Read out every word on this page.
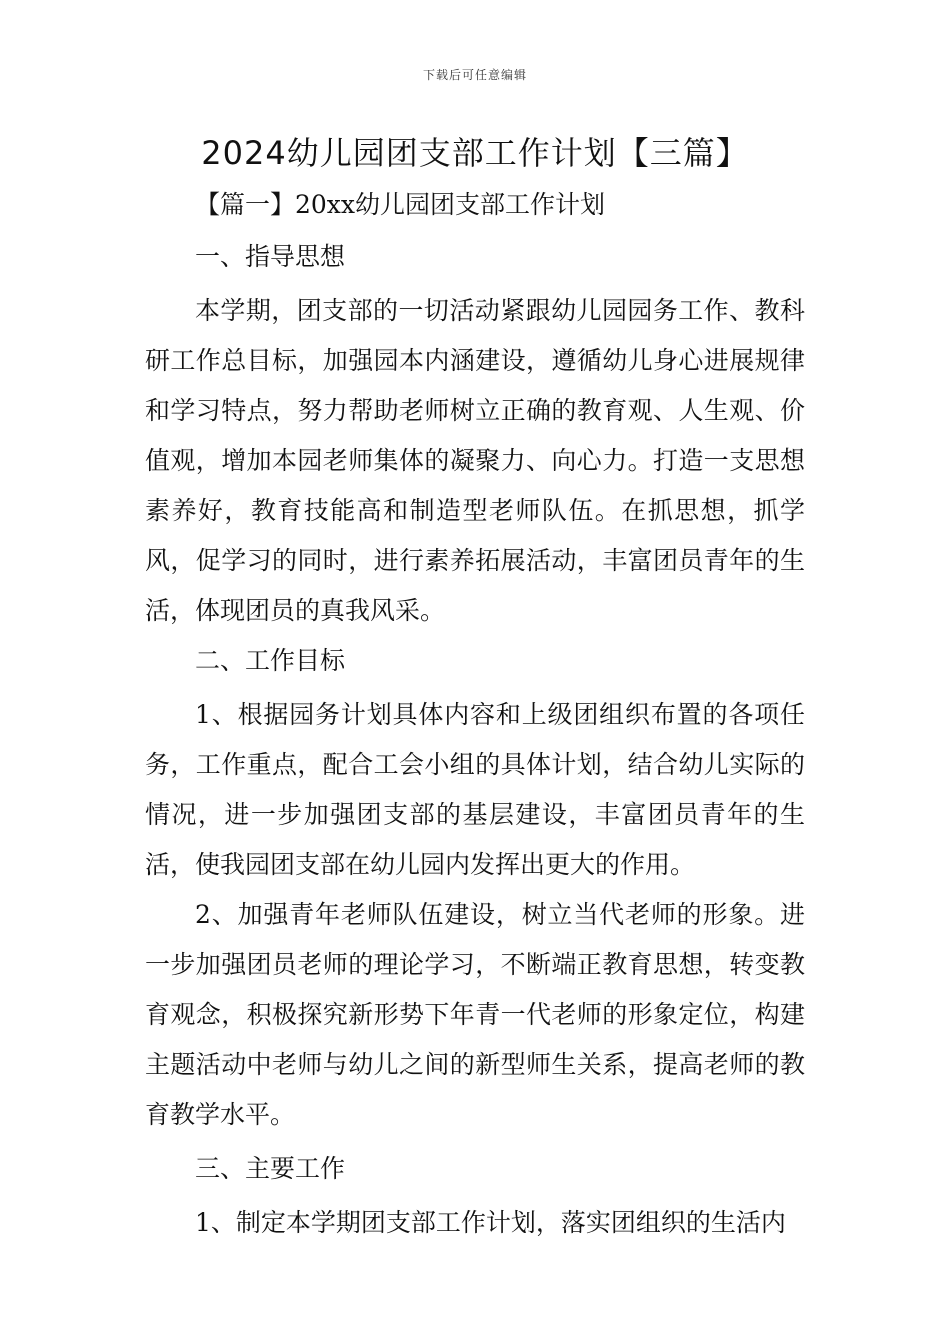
下载后可任意编辑
2024幼儿园团支部工作计划【三篇】

【篇一】20xx幼儿园团支部工作计划

一、指导思想

本学期，团支部的一切活动紧跟幼儿园园务工作、教科研工作总目标，加强园本内涵建设，遵循幼儿身心进展规律和学习特点，努力帮助老师树立正确的教育观、人生观、价值观，增加本园老师集体的凝聚力、向心力。打造一支思想素养好，教育技能高和制造型老师队伍。在抓思想，抓学风，促学习的同时，进行素养拓展活动，丰富团员青年的生活，体现团员的真我风采。

二、工作目标

1、根据园务计划具体内容和上级团组织布置的各项任务，工作重点，配合工会小组的具体计划，结合幼儿实际的情况，进一步加强团支部的基层建设，丰富团员青年的生活，使我园团支部在幼儿园内发挥出更大的作用。

2、加强青年老师队伍建设，树立当代老师的形象。进一步加强团员老师的理论学习，不断端正教育思想，转变教育观念，积极探究新形势下年青一代老师的形象定位，构建主题活动中老师与幼儿之间的新型师生关系，提高老师的教育教学水平。

三、主要工作

1、制定本学期团支部工作计划，落实团组织的生活内
